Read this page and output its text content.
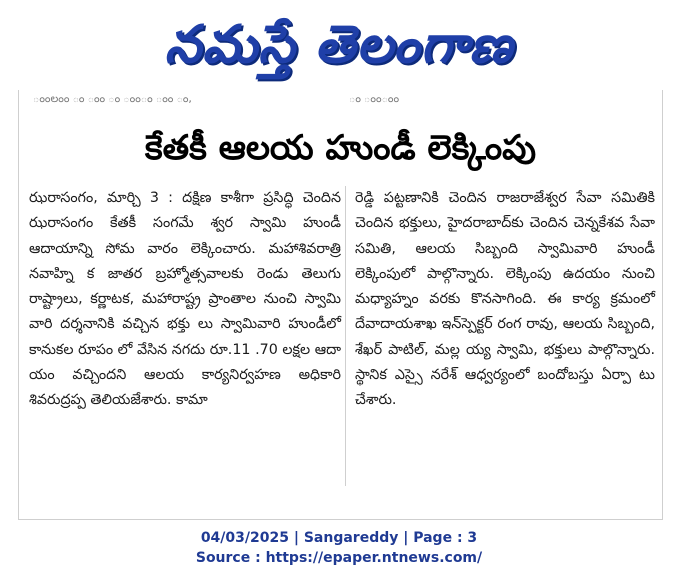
నమస్తే తెలంగాణ
ంంలంం ం ంం ం ంంం ంం ం,	ం ంంంం
కేతకీ ఆలయ హుండీ లెక్కింపు
ఝరాసంగం, మార్చి 3 : దక్షిణ కాశీగా ప్రసిద్ధి చెందిన ఝరాసంగం కేతకీ సంగమే శ్వర స్వామి హుండీ ఆదాయాన్ని సోమ వారం లెక్కించారు. మహాశివరాత్రి నవాహ్ని క జాతర బ్రహ్మోత్సవాలకు రెండు తెలుగు రాష్ట్రాలు, కర్ణాటక, మహారాష్ట్ర ప్రాంతాల నుంచి స్వామి వారి దర్శనానికి వచ్చిన భక్తు లు స్వామివారి హుండీలో కానుకల రూపం లో వేసిన నగదు రూ.11 .70 లక్షల ఆదా యం వచ్చిందని ఆలయ కార్యనిర్వహణ అధికారి శివరుద్రప్ప తెలియజేశారు. కామా
రెడ్డి పట్టణానికి చెందిన రాజరాజేశ్వర సేవా సమితికి చెందిన భక్తులు, హైదరాబాద్‌కు చెందిన చెన్నకేశవ సేవా సమితి, ఆలయ సిబ్బంది స్వామివారి హుండీ లెక్కింపులో పాల్గొన్నారు. లెక్కింపు ఉదయం నుంచి మధ్యాహ్నం వరకు కొనసాగింది. ఈ కార్య క్రమంలో దేవాదాయశాఖ ఇన్‌స్పెక్టర్ రంగ రావు, ఆలయ సిబ్బంది, శేఖర్ పాటిల్, మల్ల య్య స్వామి, భక్తులు పాల్గొన్నారు. స్థానిక ఎస్సై నరేశ్ ఆధ్వర్యంలో బందోబస్తు ఏర్పా టు చేశారు.
04/03/2025 | Sangareddy | Page : 3
Source : https://epaper.ntnews.com/
